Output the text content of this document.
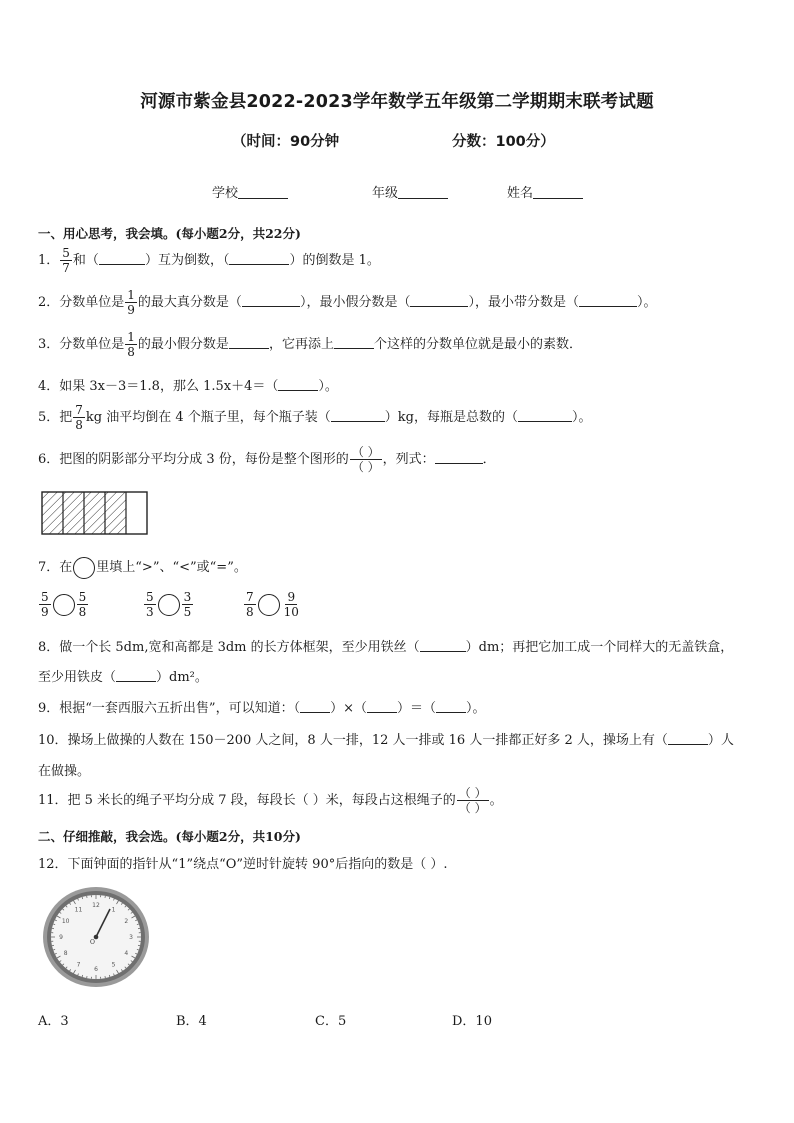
河源市紫金县2022-2023学年数学五年级第二学期期末联考试题
（时间：90分钟	分数：100分）
学校	年级	姓名
一、用心思考，我会填。(每小题2分，共22分)
1． $\frac{5}{7}$ 和（	）互为倒数，（	）的倒数是 1。
2．分数单位是 $\frac{1}{9}$ 的最大真分数是（	），最小假分数是（	），最小带分数是（	）。
3．分数单位是 $\frac{1}{8}$ 的最小假分数是	，它再添上	个这样的分数单位就是最小的素数．
4．如果 3x－3＝1.8，那么 1.5x＋4＝（	）。
5．把 $\frac{7}{8}$ kg 油平均倒在 4 个瓶子里，每个瓶子装（	）kg，每瓶是总数的（	）。
6．把图的阴影部分平均分成 3 份，每份是整个图形的 $\frac{( )}{( )}$ ，列式：	．
7．在 里填上“>”、“<”或“=”。
$\frac{5}{9} \frac{5}{8}$	$\frac{5}{3} \frac{3}{5}$	$\frac{7}{8} \frac{9}{10}$
8．做一个长 5dm,宽和高都是 3dm 的长方体框架，至少用铁丝（	）dm；再把它加工成一个同样大的无盖铁盒，
至少用铁皮（	）dm²。
9．根据“一套西服六五折出售”，可以知道：（ ）×（ ）＝（ ）。
10．操场上做操的人数在 150－200 人之间，8 人一排，12 人一排或 16 人一排都正好多 2 人，操场上有（	）人
在做操。
11．把 5 米长的绳子平均分成 7 段，每段长（ ）米，每段占这根绳子的 $\frac{( )}{( )}$ 。
二、仔细推敲，我会选。(每小题2分，共10分)
12．下面钟面的指针从“1”绕点“O”逆时针旋转 90°后指向的数是（ ）.
12
1
2
3
4
5
6
7
8
9
10
11
O
A．3	B．4	C．5	D．10
